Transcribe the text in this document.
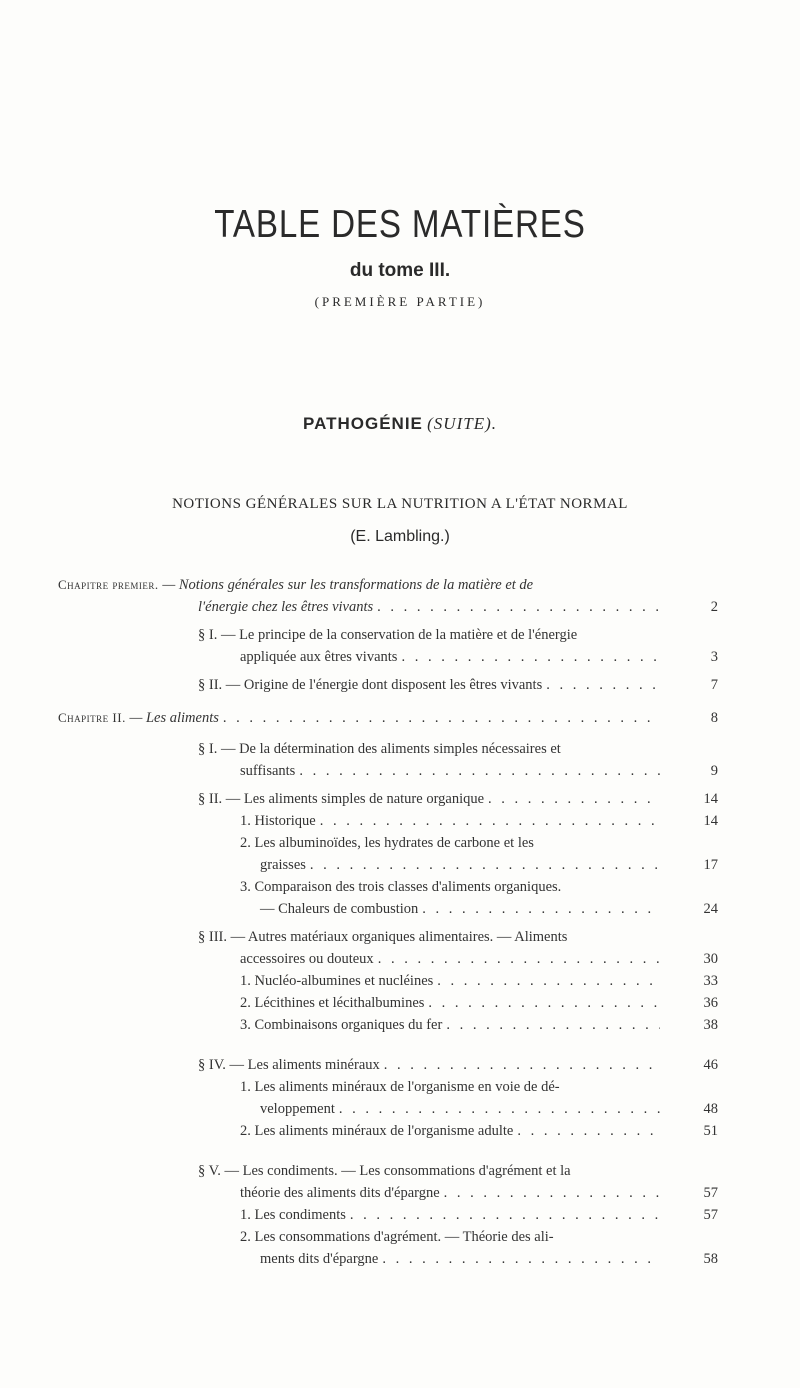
TABLE DES MATIÈRES
du tome III.
(PREMIÈRE PARTIE)
PATHOGÉNIE (SUITE).
NOTIONS GÉNÉRALES SUR LA NUTRITION A L'ÉTAT NORMAL
(E. Lambling.)
Chapitre premier. — Notions générales sur les transformations de la matière et de
l'énergie chez les êtres vivants . . .	2
§ I. — Le principe de la conservation de la matière et de l'énergie
appliquée aux êtres vivants . . .	3
§ II. — Origine de l'énergie dont disposent les êtres vivants . . .	7
Chapitre II. — Les aliments . . .	8
§ I. — De la détermination des aliments simples nécessaires et
suffisants . . .	9
§ II. — Les aliments simples de nature organique . . .	14
1. Historique . . .	14
2. Les albuminoïdes, les hydrates de carbone et les
graisses . . .	17
3. Comparaison des trois classes d'aliments organiques.
— Chaleurs de combustion . . .	24
§ III. — Autres matériaux organiques alimentaires. — Aliments
accessoires ou douteux . . .	30
1. Nucléo-albumines et nucléines . . .	33
2. Lécithines et lécithalbumines . . .	36
3. Combinaisons organiques du fer . . .	38
§ IV. — Les aliments minéraux . . .	46
1. Les aliments minéraux de l'organisme en voie de dé-
veloppement . . .	48
2. Les aliments minéraux de l'organisme adulte . . .	51
§ V. — Les condiments. — Les consommations d'agrément et la
théorie des aliments dits d'épargne . . .	57
1. Les condiments . . .	57
2. Les consommations d'agrément. — Théorie des ali-
ments dits d'épargne . . .	58
